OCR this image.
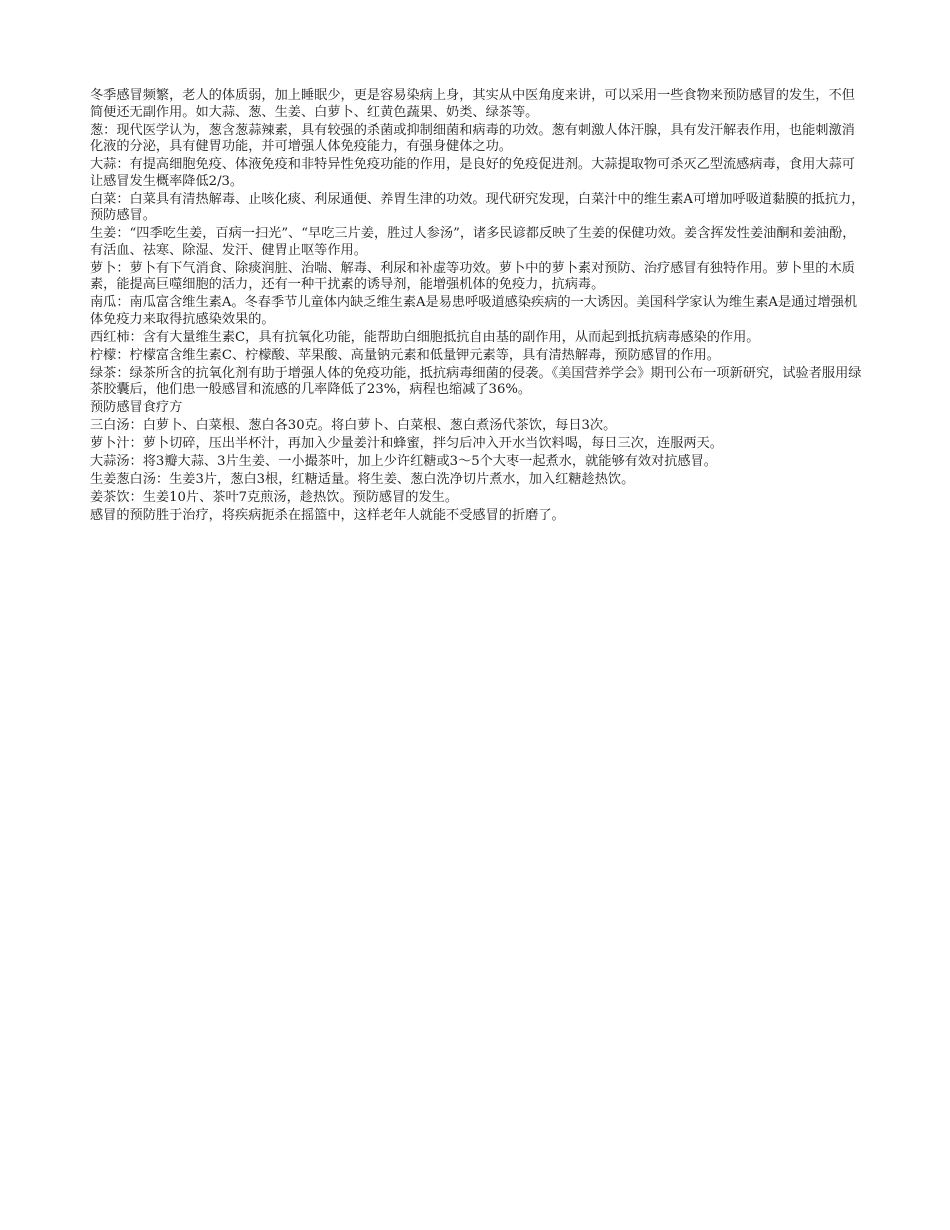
冬季感冒频繁，老人的体质弱，加上睡眠少，更是容易染病上身，其实从中医角度来讲，可以采用一些食物来预防感冒的发生，不但简便还无副作用。如大蒜、葱、生姜、白萝卜、红黄色蔬果、奶类、绿茶等。

葱：现代医学认为，葱含葱蒜辣素，具有较强的杀菌或抑制细菌和病毒的功效。葱有刺激人体汗腺，具有发汗解表作用，也能刺激消化液的分泌，具有健胃功能，并可增强人体免疫能力，有强身健体之功。

大蒜：有提高细胞免疫、体液免疫和非特异性免疫功能的作用，是良好的免疫促进剂。大蒜提取物可杀灭乙型流感病毒，食用大蒜可让感冒发生概率降低2/3。

白菜：白菜具有清热解毒、止咳化痰、利尿通便、养胃生津的功效。现代研究发现，白菜汁中的维生素A可增加呼吸道黏膜的抵抗力，预防感冒。

生姜：“四季吃生姜，百病一扫光”、“早吃三片姜，胜过人参汤”，诸多民谚都反映了生姜的保健功效。姜含挥发性姜油酮和姜油酚，有活血、祛寒、除湿、发汗、健胃止呕等作用。

萝卜：萝卜有下气消食、除痰润脏、治喘、解毒、利尿和补虚等功效。萝卜中的萝卜素对预防、治疗感冒有独特作用。萝卜里的木质素，能提高巨噬细胞的活力，还有一种干扰素的诱导剂，能增强机体的免疫力，抗病毒。

南瓜：南瓜富含维生素A。冬春季节儿童体内缺乏维生素A是易患呼吸道感染疾病的一大诱因。美国科学家认为维生素A是通过增强机体免疫力来取得抗感染效果的。

西红柿：含有大量维生素C，具有抗氧化功能，能帮助白细胞抵抗自由基的副作用，从而起到抵抗病毒感染的作用。

柠檬：柠檬富含维生素C、柠檬酸、苹果酸、高量钠元素和低量钾元素等，具有清热解毒，预防感冒的作用。

绿茶：绿茶所含的抗氧化剂有助于增强人体的免疫功能，抵抗病毒细菌的侵袭。《美国营养学会》期刊公布一项新研究，试验者服用绿茶胶囊后，他们患一般感冒和流感的几率降低了23%，病程也缩减了36%。

预防感冒食疗方

三白汤：白萝卜、白菜根、葱白各30克。将白萝卜、白菜根、葱白煮汤代茶饮，每日3次。

萝卜汁：萝卜切碎，压出半杯汁，再加入少量姜汁和蜂蜜，拌匀后冲入开水当饮料喝，每日三次，连服两天。

大蒜汤：将3瓣大蒜、3片生姜、一小撮茶叶，加上少许红糖或3～5个大枣一起煮水，就能够有效对抗感冒。

生姜葱白汤：生姜3片，葱白3根，红糖适量。将生姜、葱白洗净切片煮水，加入红糖趁热饮。

姜茶饮：生姜10片、茶叶7克煎汤，趁热饮。预防感冒的发生。

感冒的预防胜于治疗，将疾病扼杀在摇篮中，这样老年人就能不受感冒的折磨了。
